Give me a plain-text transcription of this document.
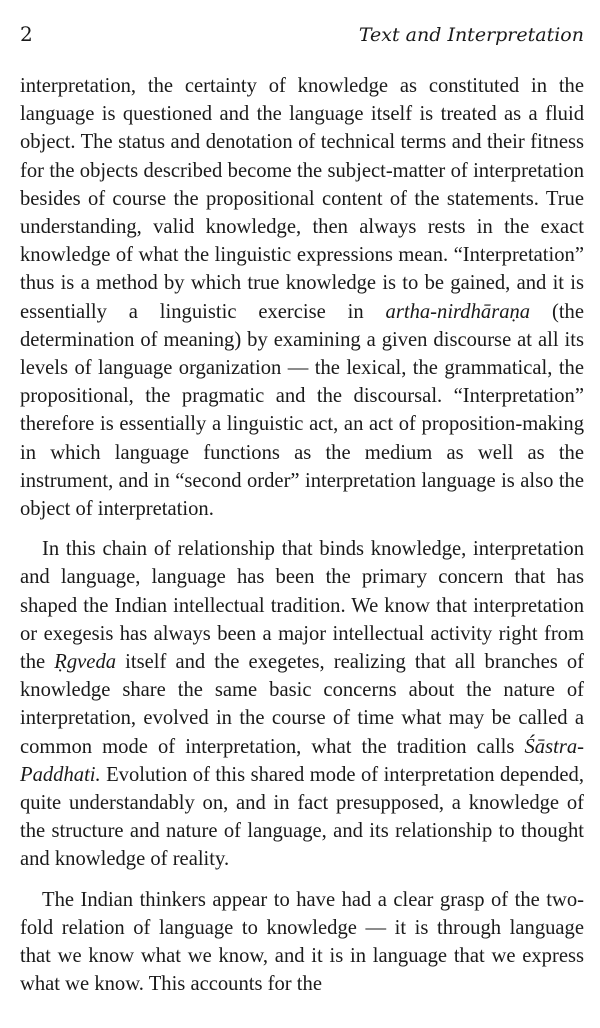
2	Text and Interpretation

interpretation, the certainty of knowledge as constituted in the language is questioned and the language itself is treated as a fluid object. The status and denotation of technical terms and their fitness for the objects described become the subject-matter of interpretation besides of course the propositional content of the statements. True understanding, valid knowledge, then always rests in the exact knowledge of what the linguistic expressions mean. “Interpretation” thus is a method by which true knowledge is to be gained, and it is essentially a linguistic exercise in artha-nirdhāraṇa (the determination of meaning) by examining a given discourse at all its levels of language organization — the lexical, the grammatical, the propositional, the pragmatic and the discoursal. “Interpretation” therefore is essentially a linguistic act, an act of proposition-making in which language functions as the medium as well as the instrument, and in “second order” interpretation language is also the object of interpretation.

In this chain of relationship that binds knowledge, interpretation and language, language has been the primary concern that has shaped the Indian intellectual tradition. We know that interpretation or exegesis has always been a major intellectual activity right from the Ṛgveda itself and the exegetes, realizing that all branches of knowledge share the same basic concerns about the nature of interpretation, evolved in the course of time what may be called a common mode of interpretation, what the tradition calls Śāstra-Paddhati. Evolution of this shared mode of interpretation depended, quite understandably on, and in fact presupposed, a knowledge of the structure and nature of language, and its relationship to thought and knowledge of reality.

The Indian thinkers appear to have had a clear grasp of the two-fold relation of language to knowledge — it is through language that we know what we know, and it is in language that we express what we know. This accounts for the
